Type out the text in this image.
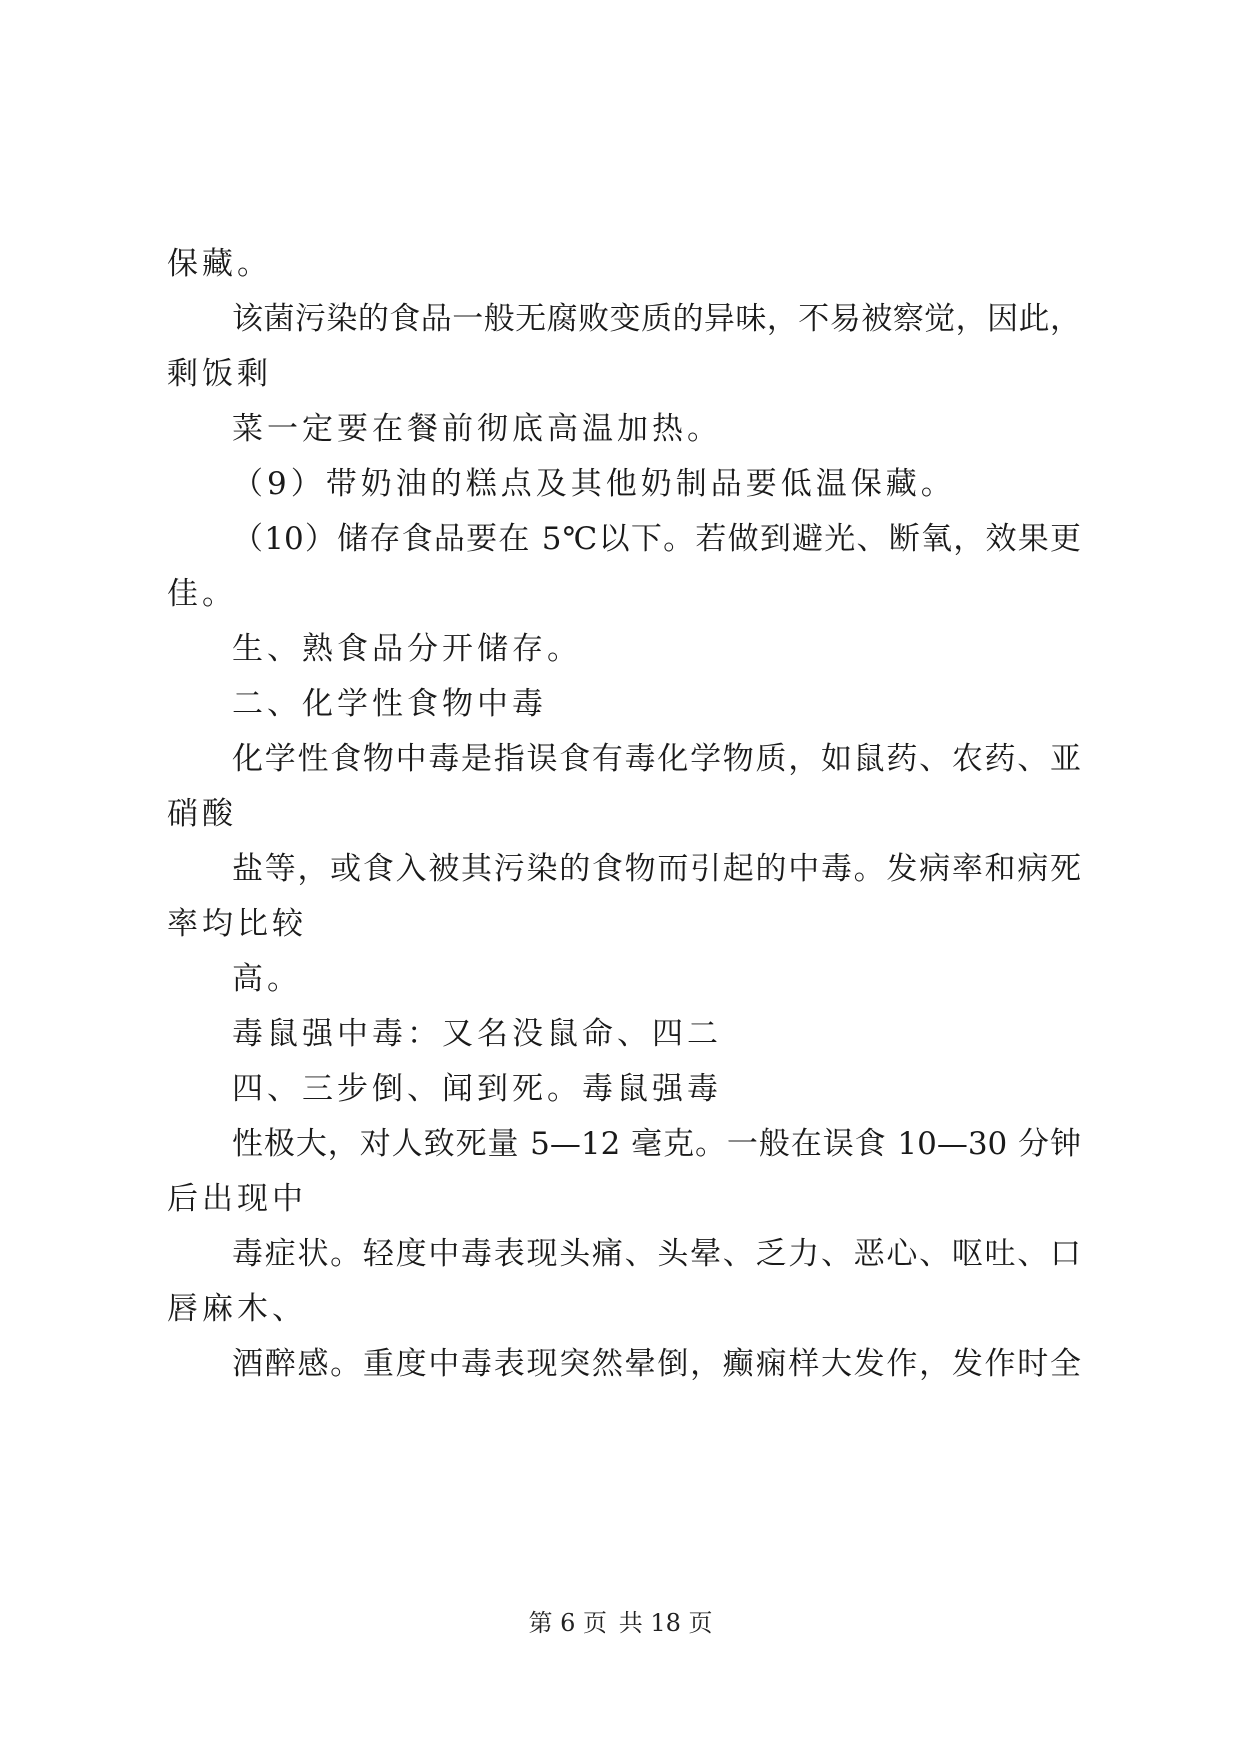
保藏。

该菌污染的食品一般无腐败变质的异味，不易被察觉，因此，

剩饭剩

菜一定要在餐前彻底高温加热。

（9）带奶油的糕点及其他奶制品要低温保藏。

（10）储存食品要在 5℃以下。若做到避光、断氧，效果更

佳。

生、熟食品分开储存。

二、化学性食物中毒

化学性食物中毒是指误食有毒化学物质，如鼠药、农药、亚

硝酸

盐等，或食入被其污染的食物而引起的中毒。发病率和病死

率均比较

高。

毒鼠强中毒：又名没鼠命、四二

四、三步倒、闻到死。毒鼠强毒

性极大，对人致死量 5—12 毫克。一般在误食 10—30 分钟

后出现中

毒症状。轻度中毒表现头痛、头晕、乏力、恶心、呕吐、口

唇麻木、

酒醉感。重度中毒表现突然晕倒，癫痫样大发作，发作时全

第 6 页 共 18 页
